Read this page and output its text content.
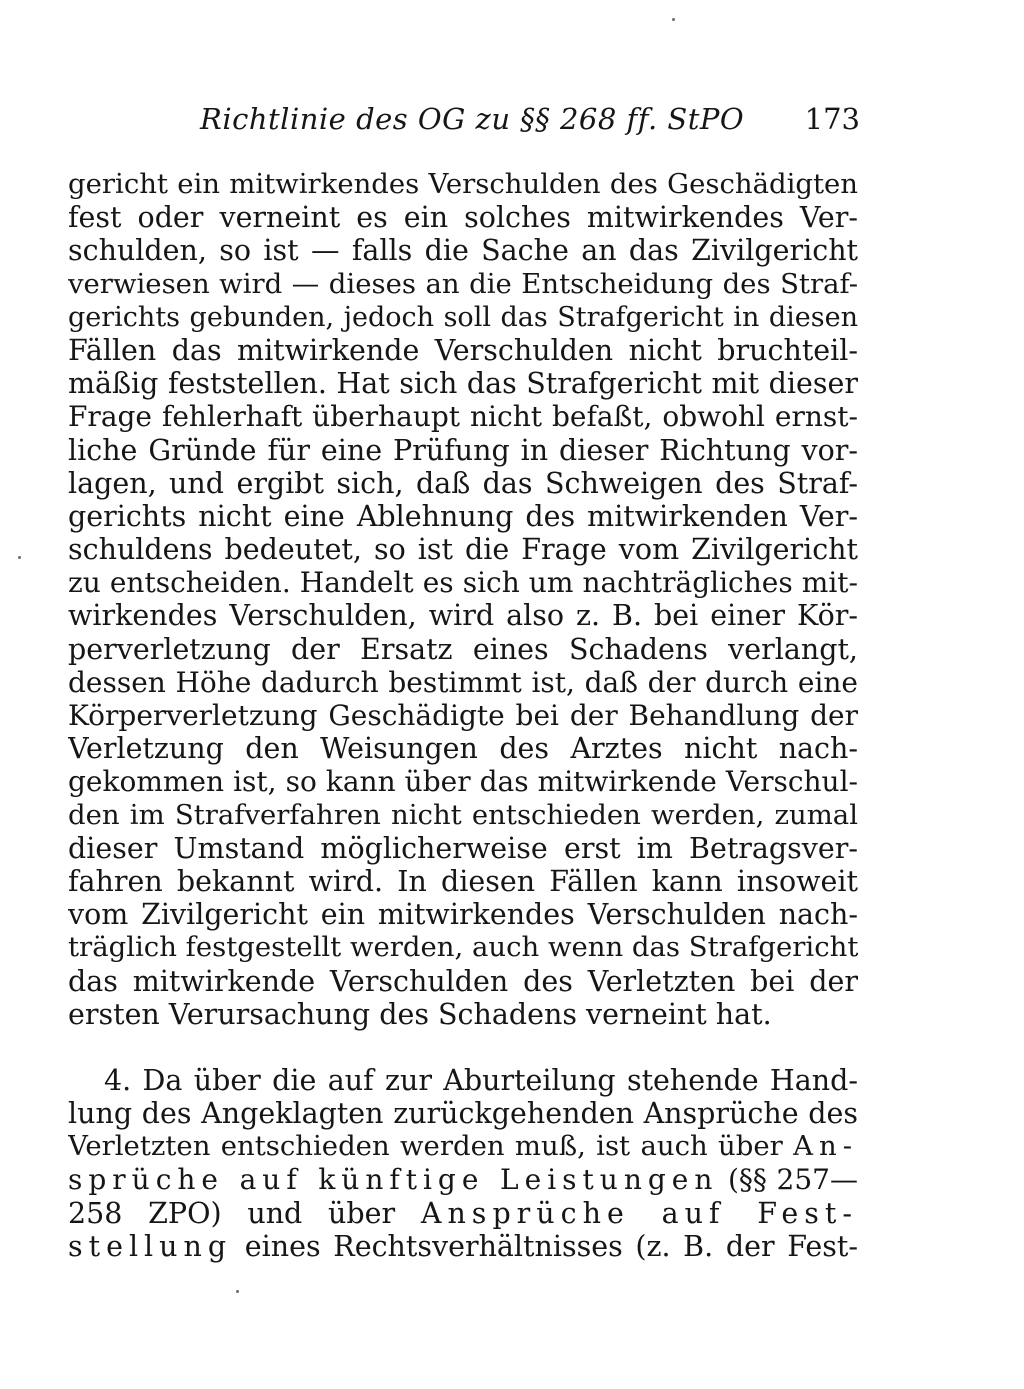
Richtlinie des OG zu §§ 268 ff. StPO 173
gericht ein mitwirkendes Verschulden des Geschädigten
fest oder verneint es ein solches mitwirkendes Ver-
schulden, so ist — falls die Sache an das Zivilgericht
verwiesen wird — dieses an die Entscheidung des Straf-
gerichts gebunden, jedoch soll das Strafgericht in diesen
Fällen das mitwirkende Verschulden nicht bruchteil-
mäßig feststellen. Hat sich das Strafgericht mit dieser
Frage fehlerhaft überhaupt nicht befaßt, obwohl ernst-
liche Gründe für eine Prüfung in dieser Richtung vor-
lagen, und ergibt sich, daß das Schweigen des Straf-
gerichts nicht eine Ablehnung des mitwirkenden Ver-
schuldens bedeutet, so ist die Frage vom Zivilgericht
zu entscheiden. Handelt es sich um nachträgliches mit-
wirkendes Verschulden, wird also z. B. bei einer Kör-
perverletzung der Ersatz eines Schadens verlangt,
dessen Höhe dadurch bestimmt ist, daß der durch eine
Körperverletzung Geschädigte bei der Behandlung der
Verletzung den Weisungen des Arztes nicht nach-
gekommen ist, so kann über das mitwirkende Verschul-
den im Strafverfahren nicht entschieden werden, zumal
dieser Umstand möglicherweise erst im Betragsver-
fahren bekannt wird. In diesen Fällen kann insoweit
vom Zivilgericht ein mitwirkendes Verschulden nach-
träglich festgestellt werden, auch wenn das Strafgericht
das mitwirkende Verschulden des Verletzten bei der
ersten Verursachung des Schadens verneint hat.
4. Da über die auf zur Aburteilung stehende Hand-
lung des Angeklagten zurückgehenden Ansprüche des
Verletzten entschieden werden muß, ist auch über An-
sprüche auf künftige Leistungen (§§ 257—
258 ZPO) und über Ansprüche auf Fest-
stellung eines Rechtsverhältnisses (z. B. der Fest-
